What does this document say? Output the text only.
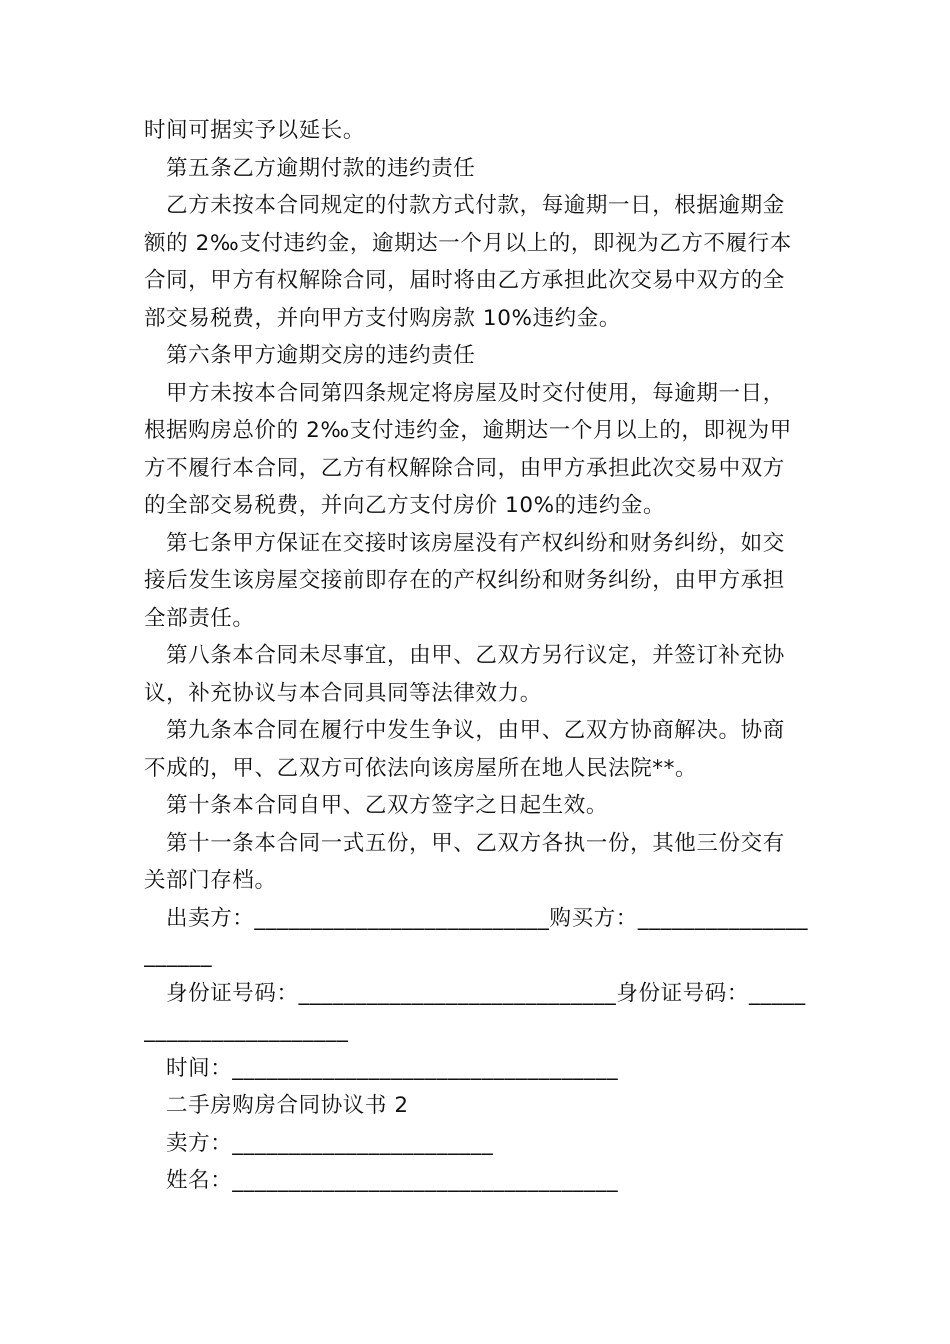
时间可据实予以延长。
第五条乙方逾期付款的违约责任
乙方未按本合同规定的付款方式付款，每逾期一日，根据逾期金
额的 2‰支付违约金，逾期达一个月以上的，即视为乙方不履行本
合同，甲方有权解除合同，届时将由乙方承担此次交易中双方的全
部交易税费，并向甲方支付购房款 10%违约金。
第六条甲方逾期交房的违约责任
甲方未按本合同第四条规定将房屋及时交付使用，每逾期一日，
根据购房总价的 2‰支付违约金，逾期达一个月以上的，即视为甲
方不履行本合同，乙方有权解除合同，由甲方承担此次交易中双方
的全部交易税费，并向乙方支付房价 10%的违约金。
第七条甲方保证在交接时该房屋没有产权纠纷和财务纠纷，如交
接后发生该房屋交接前即存在的产权纠纷和财务纠纷，由甲方承担
全部责任。
第八条本合同未尽事宜，由甲、乙双方另行议定，并签订补充协
议，补充协议与本合同具同等法律效力。
第九条本合同在履行中发生争议，由甲、乙双方协商解决。协商
不成的，甲、乙双方可依法向该房屋所在地人民法院**。
第十条本合同自甲、乙双方签字之日起生效。
第十一条本合同一式五份，甲、乙双方各执一份，其他三份交有
关部门存档。
出卖方：__________________________购买方：_______________
______
身份证号码：____________________________身份证号码：_____
__________________
时间：__________________________________
二手房购房合同协议书 2
卖方：_______________________
姓名：__________________________________
